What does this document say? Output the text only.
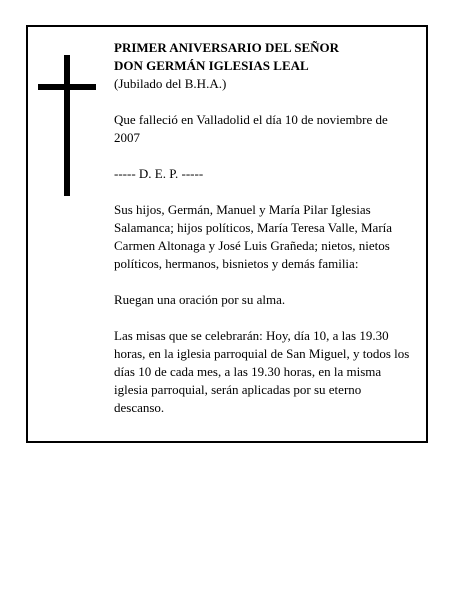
PRIMER ANIVERSARIO DEL SEÑOR

DON GERMÁN IGLESIAS LEAL

(Jubilado del B.H.A.)

Que falleció en Valladolid el día 10 de noviembre de 2007

----- D. E. P. -----

Sus hijos, Germán, Manuel y María Pilar Iglesias Salamanca; hijos políticos, María Teresa Valle, María Carmen Altonaga y José Luis Grañeda; nietos, nietos políticos, hermanos, bisnietos y demás familia:

Ruegan una oración por su alma.

Las misas que se celebrarán: Hoy, día 10, a las 19.30 horas, en la iglesia parroquial de San Miguel, y todos los días 10 de cada mes, a las 19.30 horas, en la misma iglesia parroquial, serán aplicadas por su eterno descanso.
